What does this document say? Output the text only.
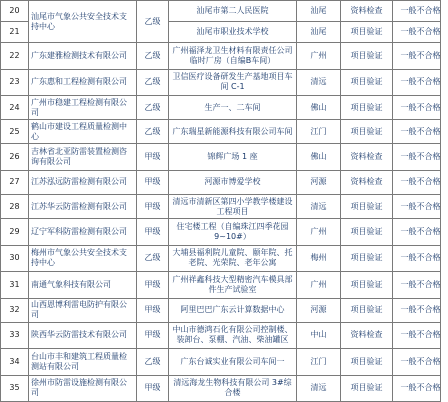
20	汕尾市气象公共安全技术支持中心	乙级	汕尾市第二人民医院	汕尾	资料检查	一般不合格
21			汕尾市职业技术学校	汕尾	项目验证	一般不合格
22	广东建雅检测技术有限公司	乙级	广州福泽龙卫生材料有限责任公司临时厂房（自编B车间）	广州	项目验证	一般不合格
23	广东惠和工程检测有限公司	乙级	卫信医疗设备研发生产基地项目车间 C-1	清远	项目验证	一般不合格
24	广州市稳建工程检测有限公司	乙级	生产一、二车间	佛山	项目验证	一般不合格
25	鹤山市建设工程质量检测中心	乙级	广东瑞星新能源科技有限公司车间	江门	项目验证	一般不合格
26	吉林省北亚防雷装置检测咨询有限公司	甲级	锦辉广场 1 座	佛山	资料检查	一般不合格
27	江苏泓远防雷检测有限公司	甲级	河源市博爱学校	河源	资料检查	一般不合格
28	江苏华云防雷检测有限公司	甲级	清远市清新区第四小学教学楼建设工程项目	清远	项目验证	一般不合格
29	辽宁军科防雷检测有限公司	甲级	住宅楼工程（自编珠江四季花园9~10#）	广州	项目验证	一般不合格
30	梅州市气象公共安全技术支持中心	乙级	大埔县福利院儿童院、颐年院、托老院、光荣院、老年公寓	梅州	项目验证	一般不合格
31	南通气象科技有限公司	甲级	广州祥鑫科技大型精密汽车模具部件生产试验室	广州	项目验证	一般不合格
32	山西恩博利雷电防护有限公司	甲级	阿里巴巴广东云计算数据中心	河源	项目验证	一般不合格
33	陕西华云防雷技术有限公司	甲级	中山市德鸿石化有限公司控制楼、装卸台、泵棚、汽油、柴油罐区	中山	资料检查	一般不合格
34	台山市丰和建筑工程质量检测站有限公司	乙级	广东台诚实业有限公司车间一	江门	项目验证	一般不合格
35	徐州市防雷设施检测有限公司	甲级	清远海龙生物科技有限公司 3#综合楼	清远	项目验证	一般不合格
